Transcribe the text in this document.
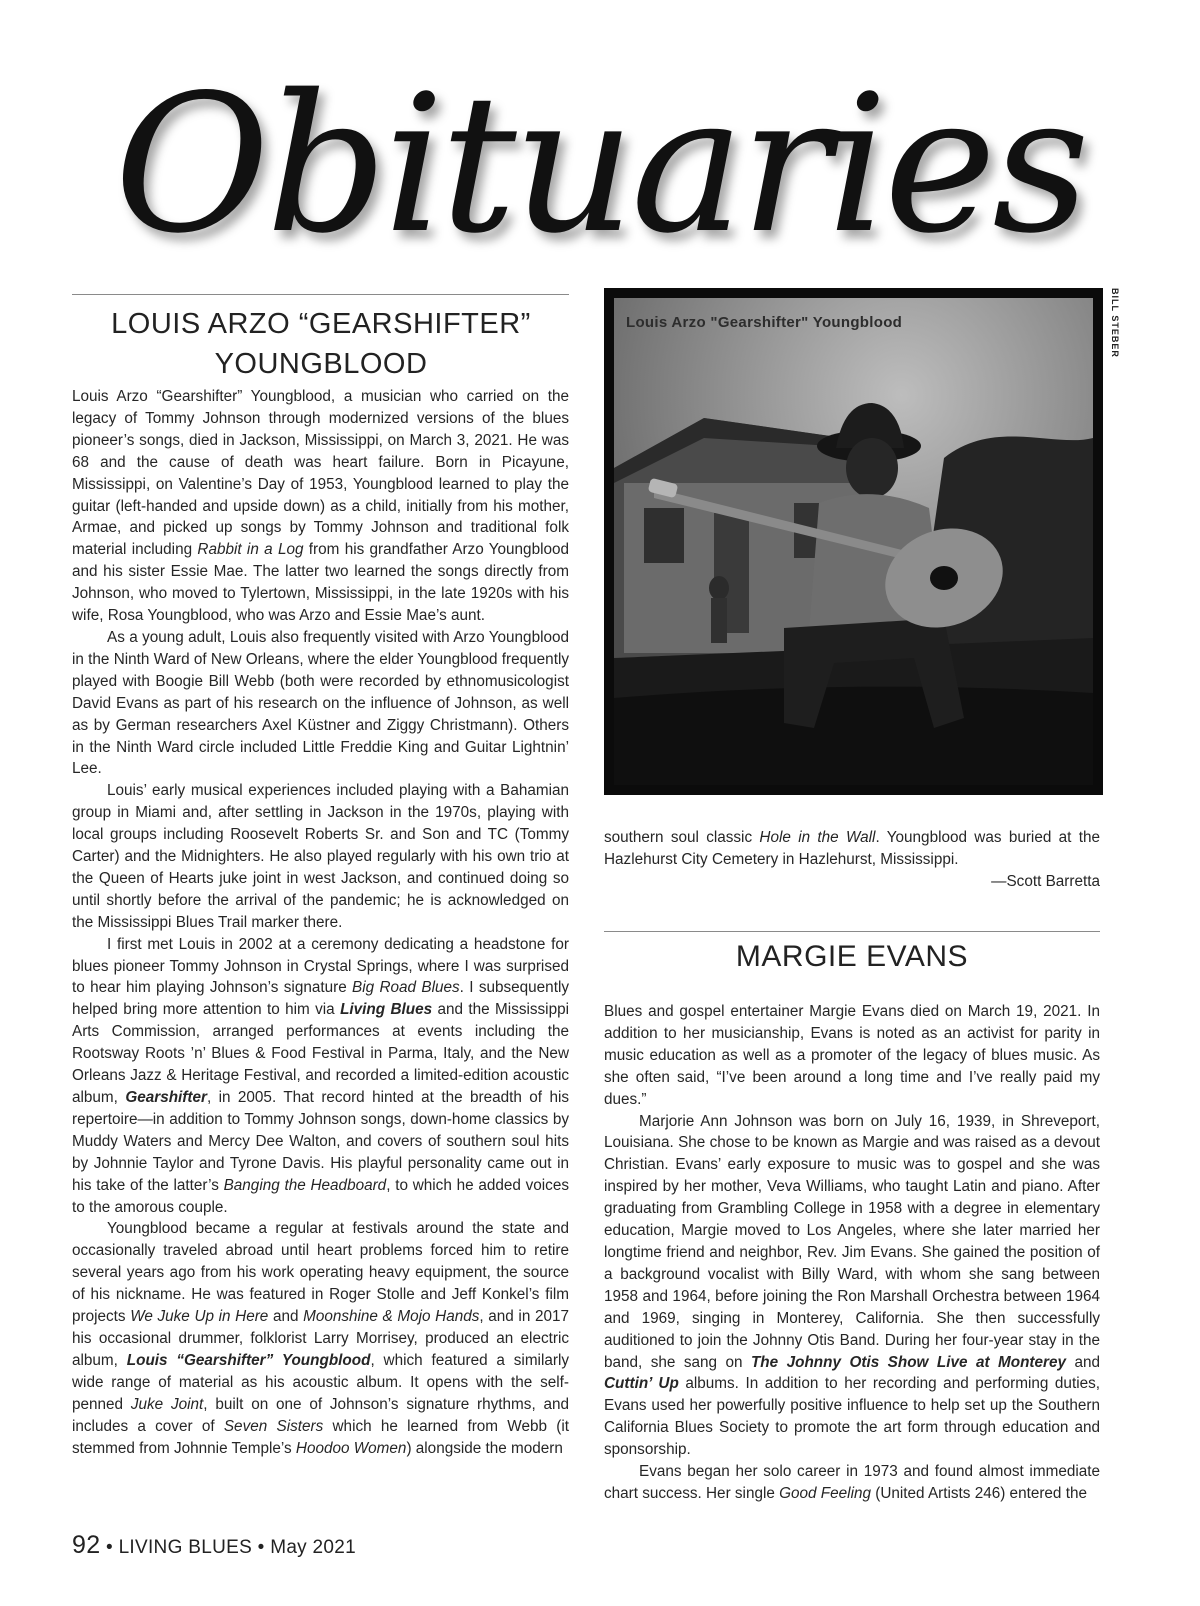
Obituaries
LOUIS ARZO “GEARSHIFTER”
YOUNGBLOOD

Louis Arzo “Gearshifter” Youngblood, a musician who carried on the legacy of Tommy Johnson through modernized versions of the blues pioneer’s songs, died in Jackson, Mississippi, on March 3, 2021. He was 68 and the cause of death was heart failure. Born in Picayune, Mississippi, on Valentine’s Day of 1953, Youngblood learned to play the guitar (left-handed and upside down) as a child, initially from his mother, Armae, and picked up songs by Tommy Johnson and traditional folk material including Rabbit in a Log from his grandfather Arzo Youngblood and his sister Essie Mae. The latter two learned the songs directly from Johnson, who moved to Tylertown, Mississippi, in the late 1920s with his wife, Rosa Youngblood, who was Arzo and Essie Mae’s aunt.

As a young adult, Louis also frequently visited with Arzo Youngblood in the Ninth Ward of New Orleans, where the elder Youngblood frequently played with Boogie Bill Webb (both were recorded by ethnomusicologist David Evans as part of his research on the influence of Johnson, as well as by German researchers Axel Küstner and Ziggy Christmann). Others in the Ninth Ward circle included Little Freddie King and Guitar Lightnin’ Lee.

Louis’ early musical experiences included playing with a Bahamian group in Miami and, after settling in Jackson in the 1970s, playing with local groups including Roosevelt Roberts Sr. and Son and TC (Tommy Carter) and the Midnighters. He also played regularly with his own trio at the Queen of Hearts juke joint in west Jackson, and continued doing so until shortly before the arrival of the pandemic; he is acknowledged on the Mississippi Blues Trail marker there.

I first met Louis in 2002 at a ceremony dedicating a headstone for blues pioneer Tommy Johnson in Crystal Springs, where I was surprised to hear him playing Johnson’s signature Big Road Blues. I subsequently helped bring more attention to him via Living Blues and the Mississippi Arts Commission, arranged performances at events including the Rootsway Roots ’n’ Blues & Food Festival in Parma, Italy, and the New Orleans Jazz & Heritage Festival, and recorded a limited-edition acoustic album, Gearshifter, in 2005. That record hinted at the breadth of his repertoire—in addition to Tommy Johnson songs, down-home classics by Muddy Waters and Mercy Dee Walton, and covers of southern soul hits by Johnnie Taylor and Tyrone Davis. His playful personality came out in his take of the latter’s Banging the Headboard, to which he added voices to the amorous couple.

Youngblood became a regular at festivals around the state and occasionally traveled abroad until heart problems forced him to retire several years ago from his work operating heavy equipment, the source of his nickname. He was featured in Roger Stolle and Jeff Konkel’s film projects We Juke Up in Here and Moonshine & Mojo Hands, and in 2017 his occasional drummer, folklorist Larry Morrisey, produced an electric album, Louis “Gearshifter” Youngblood, which featured a similarly wide range of material as his acoustic album. It opens with the self-penned Juke Joint, built on one of Johnson’s signature rhythms, and includes a cover of Seven Sisters which he learned from Webb (it stemmed from Johnnie Temple’s Hoodoo Women) alongside the modern

Louis Arzo "Gearshifter" Youngblood	BILL STEBER

southern soul classic Hole in the Wall. Youngblood was buried at the Hazlehurst City Cemetery in Hazlehurst, Mississippi.

—Scott Barretta

MARGIE EVANS

Blues and gospel entertainer Margie Evans died on March 19, 2021. In addition to her musicianship, Evans is noted as an activist for parity in music education as well as a promoter of the legacy of blues music. As she often said, “I’ve been around a long time and I’ve really paid my dues.”

Marjorie Ann Johnson was born on July 16, 1939, in Shreveport, Louisiana. She chose to be known as Margie and was raised as a devout Christian. Evans’ early exposure to music was to gospel and she was inspired by her mother, Veva Williams, who taught Latin and piano. After graduating from Grambling College in 1958 with a degree in elementary education, Margie moved to Los Angeles, where she later married her longtime friend and neighbor, Rev. Jim Evans. She gained the position of a background vocalist with Billy Ward, with whom she sang between 1958 and 1964, before joining the Ron Marshall Orchestra between 1964 and 1969, singing in Monterey, California. She then successfully auditioned to join the Johnny Otis Band. During her four-year stay in the band, she sang on The Johnny Otis Show Live at Monterey and Cuttin’ Up albums. In addition to her recording and performing duties, Evans used her powerfully positive influence to help set up the Southern California Blues Society to promote the art form through education and sponsorship.

Evans began her solo career in 1973 and found almost immediate chart success. Her single Good Feeling (United Artists 246) entered the

92 • LIVING BLUES • May 2021
